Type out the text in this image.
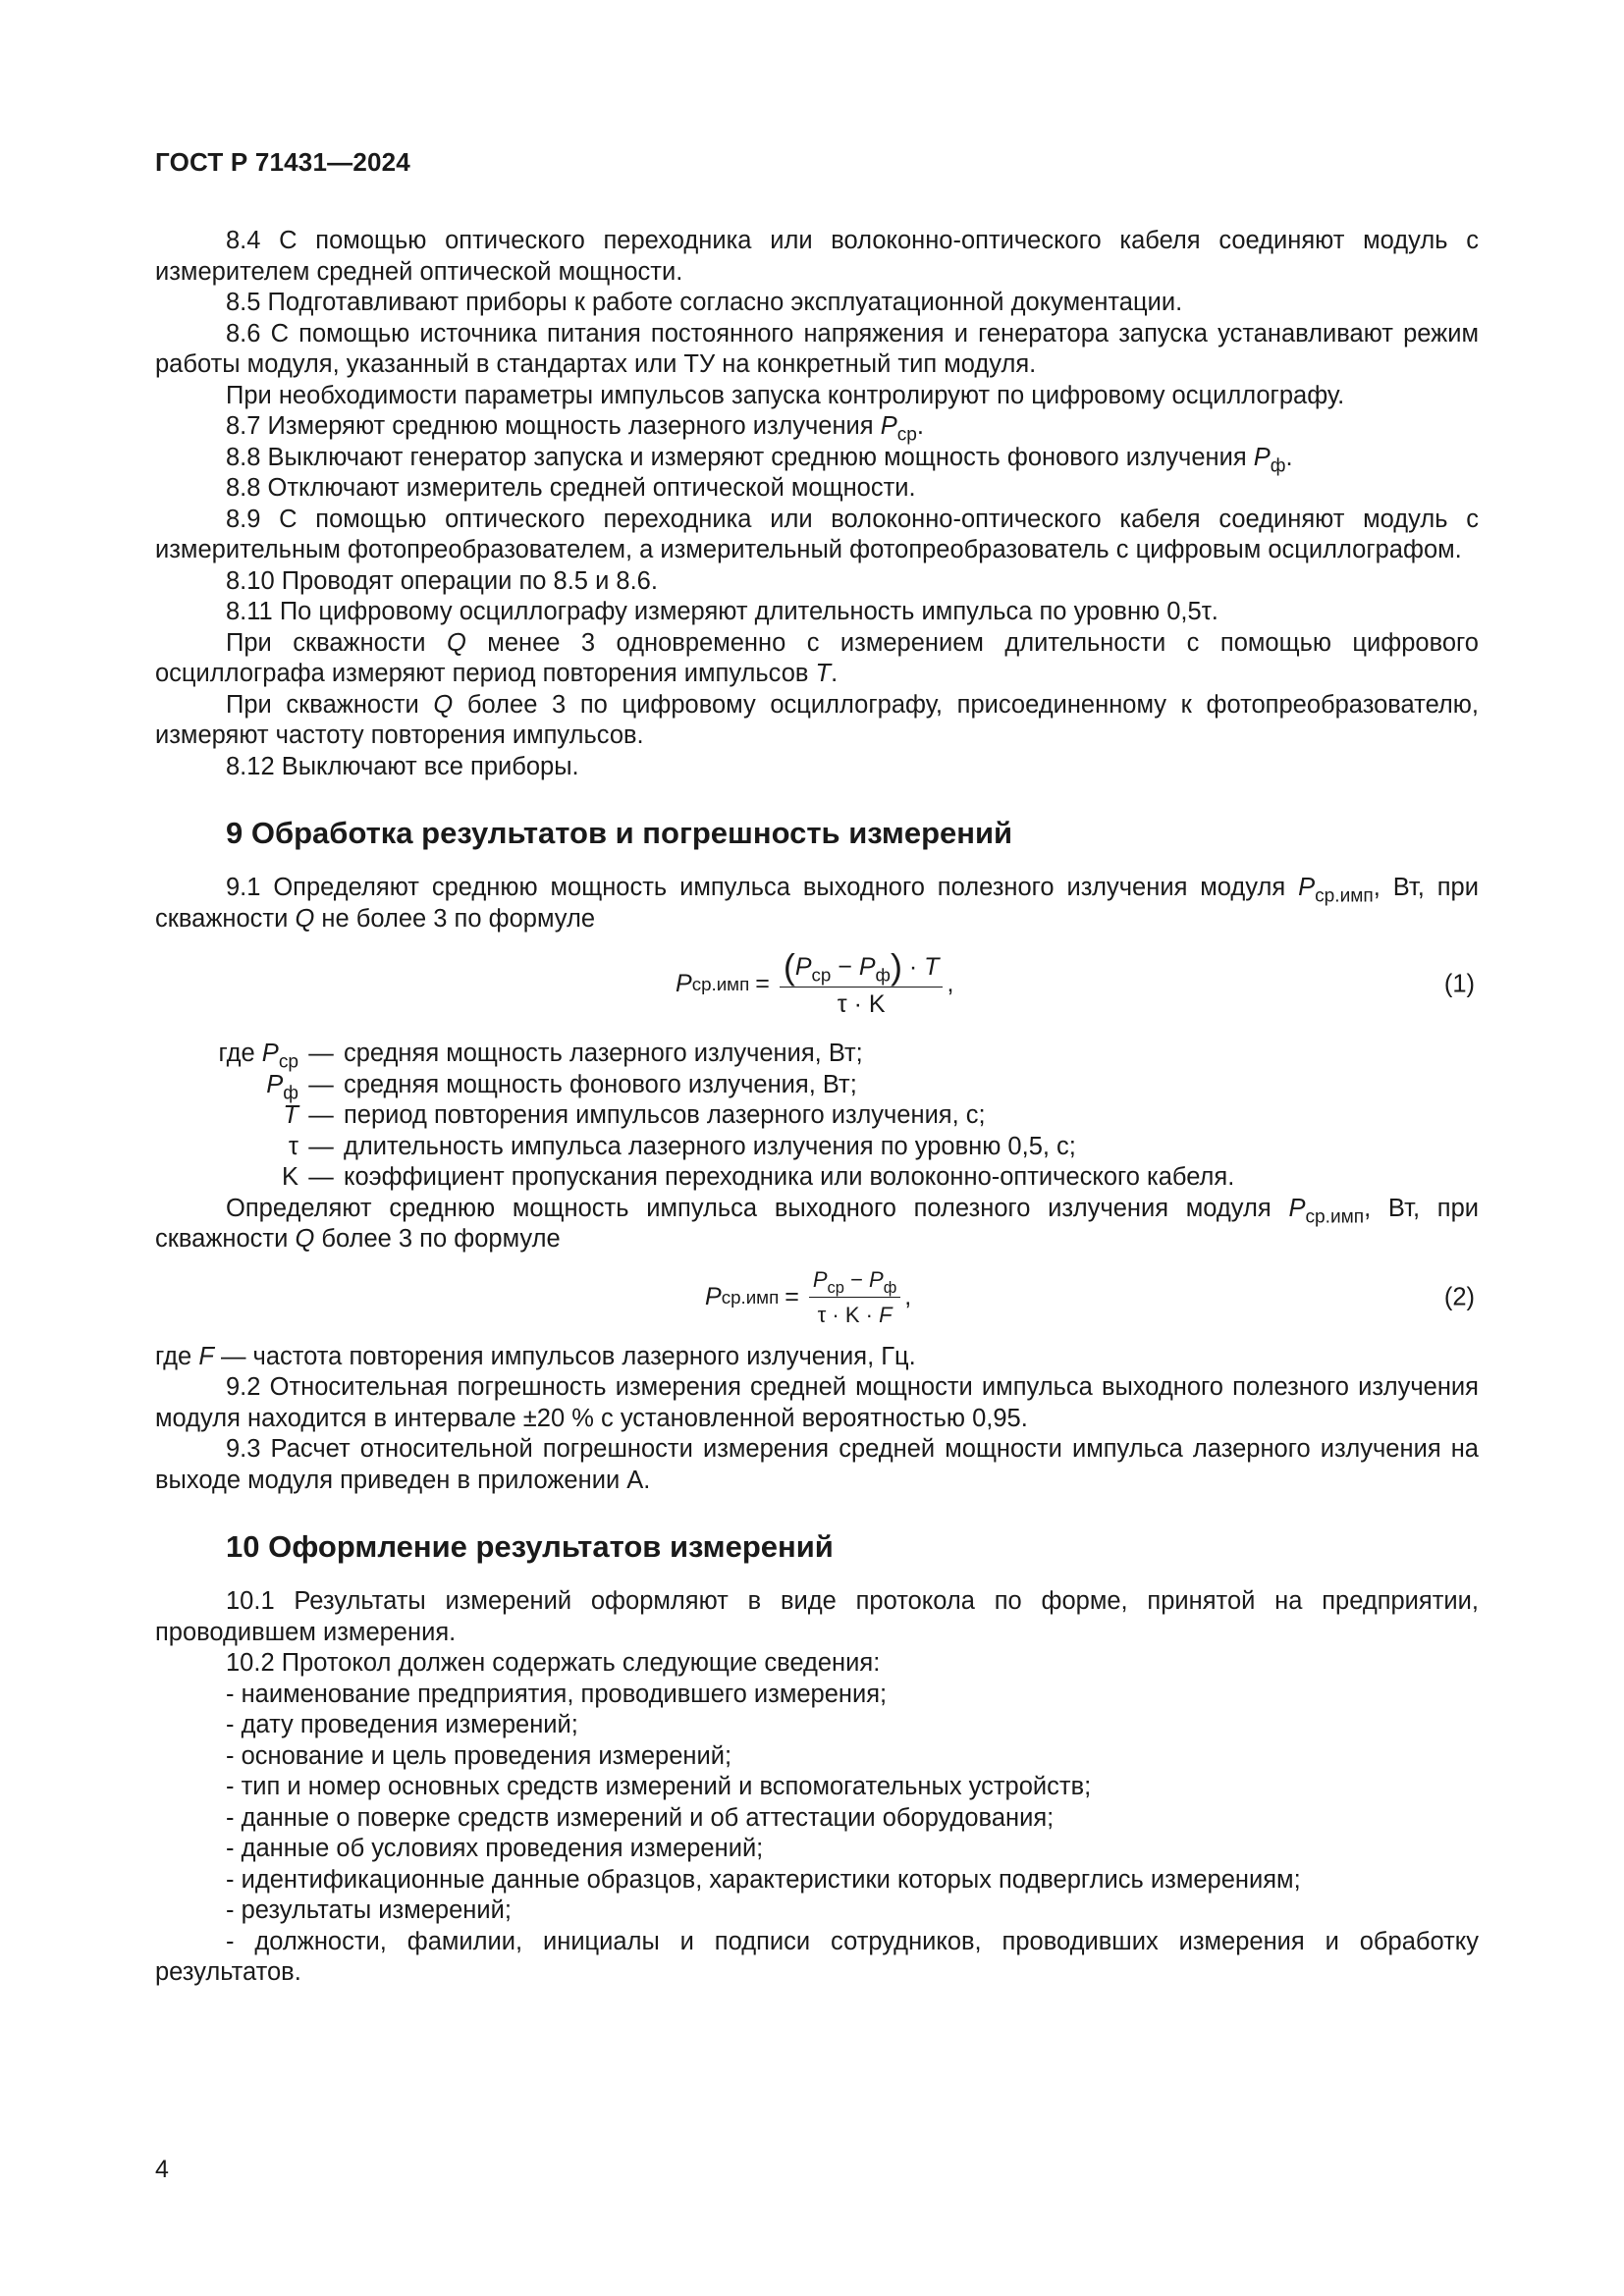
ГОСТ Р 71431—2024

8.4 С помощью оптического переходника или волоконно-оптического кабеля соединяют модуль с измерителем средней оптической мощности.

8.5 Подготавливают приборы к работе согласно эксплуатационной документации.

8.6 С помощью источника питания постоянного напряжения и генератора запуска устанавливают режим работы модуля, указанный в стандартах или ТУ на конкретный тип модуля.

При необходимости параметры импульсов запуска контролируют по цифровому осциллографу.

8.7 Измеряют среднюю мощность лазерного излучения $P_{ср}$.

8.8 Выключают генератор запуска и измеряют среднюю мощность фонового излучения $P_ф$.

8.8 Отключают измеритель средней оптической мощности.

8.9 С помощью оптического переходника или волоконно-оптического кабеля соединяют модуль с измерительным фотопреобразователем, а измерительный фотопреобразователь с цифровым осциллографом.

8.10 Проводят операции по 8.5 и 8.6.

8.11 По цифровому осциллографу измеряют длительность импульса по уровню 0,5τ.

При скважности Q менее 3 одновременно с измерением длительности с помощью цифрового осциллографа измеряют период повторения импульсов T.

При скважности Q более 3 по цифровому осциллографу, присоединенному к фотопреобразователю, измеряют частоту повторения импульсов.

8.12 Выключают все приборы.

9 Обработка результатов и погрешность измерений

9.1 Определяют среднюю мощность импульса выходного полезного излучения модуля $P_{ср.имп}$, Вт, при скважности Q не более 3 по формуле

P $ср.имп = \frac{(P_{ср} - P_ф) \cdot T}{\tau \cdot K}$ ,	(1)
где $P_{ср}$ — средняя мощность лазерного излучения, Вт;
$P_ф$ — средняя мощность фонового излучения, Вт;
T — период повторения импульсов лазерного излучения, с;
τ — длительность импульса лазерного излучения по уровню 0,5, с;
K — коэффициент пропускания переходника или волоконно-оптического кабеля.

Определяют среднюю мощность импульса выходного полезного излучения модуля $P_{ср.имп}$, Вт, при скважности Q более 3 по формуле

P $ср.имп = \frac{P_{ср} - P_ф}{\tau \cdot K \cdot F}$ ,	(2)

где F — частота повторения импульсов лазерного излучения, Гц.

9.2 Относительная погрешность измерения средней мощности импульса выходного полезного излучения модуля находится в интервале ±20 % с установленной вероятностью 0,95.

9.3 Расчет относительной погрешности измерения средней мощности импульса лазерного излучения на выходе модуля приведен в приложении А.

10 Оформление результатов измерений

10.1 Результаты измерений оформляют в виде протокола по форме, принятой на предприятии, проводившем измерения.

10.2 Протокол должен содержать следующие сведения:

- наименование предприятия, проводившего измерения;

- дату проведения измерений;

- основание и цель проведения измерений;

- тип и номер основных средств измерений и вспомогательных устройств;

- данные о поверке средств измерений и об аттестации оборудования;

- данные об условиях проведения измерений;

- идентификационные данные образцов, характеристики которых подверглись измерениям;

- результаты измерений;

- должности, фамилии, инициалы и подписи сотрудников, проводивших измерения и обработку результатов.

4
